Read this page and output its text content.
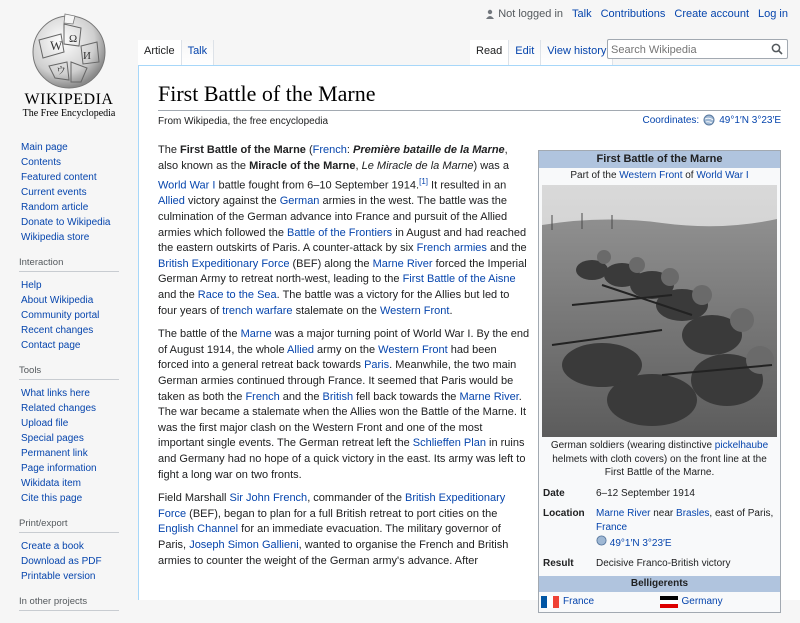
Not logged in Talk Contributions Create account Log in
W Ω
И
ウ
WIKIPEDIA
The Free Encyclopedia
Article	Talk	Read	Edit	View history
Search Wikipedia
Main page
Contents
Featured content
Current events
Random article
Donate to Wikipedia
Wikipedia store
Interaction
Help
About Wikipedia
Community portal
Recent changes
Contact page
Tools
What links here
Related changes
Upload file
Special pages
Permanent link
Page information
Wikidata item
Cite this page
Print/export
Create a book
Download as PDF
Printable version
In other projects
First Battle of the Marne
From Wikipedia, the free encyclopedia	Coordinates: 49°1′N 3°23′E

The First Battle of the Marne (French: Première bataille de la Marne, also known as the Miracle of the Marne, Le Miracle de la Marne) was a World War I battle fought from 6–10 September 1914.[1] It resulted in an Allied victory against the German armies in the west. The battle was the culmination of the German advance into France and pursuit of the Allied armies which followed the Battle of the Frontiers in August and had reached the eastern outskirts of Paris. A counter-attack by six French armies and the British Expeditionary Force (BEF) along the Marne River forced the Imperial German Army to retreat north-west, leading to the First Battle of the Aisne and the Race to the Sea. The battle was a victory for the Allies but led to four years of trench warfare stalemate on the Western Front.

The battle of the Marne was a major turning point of World War I. By the end of August 1914, the whole Allied army on the Western Front had been forced into a general retreat back towards Paris. Meanwhile, the two main German armies continued through France. It seemed that Paris would be taken as both the French and the British fell back towards the Marne River. The war became a stalemate when the Allies won the Battle of the Marne. It was the first major clash on the Western Front and one of the most important single events. The German retreat left the Schlieffen Plan in ruins and Germany had no hope of a quick victory in the east. Its army was left to fight a long war on two fronts.

Field Marshall Sir John French, commander of the British Expeditionary Force (BEF), began to plan for a full British retreat to port cities on the English Channel for an immediate evacuation. The military governor of Paris, Joseph Simon Gallieni, wanted to organise the French and British armies to counter the weight of the German army's advance. After

First Battle of the Marne
Part of the Western Front of World War I
German soldiers (wearing distinctive pickelhaube helmets with cloth covers) on the front line at the First Battle of the Marne.
Date	6–12 September 1914
Location	Marne River near Brasles, east of Paris, France
49°1′N 3°23′E
Result	Decisive Franco-British victory
Belligerents
France	Germany
